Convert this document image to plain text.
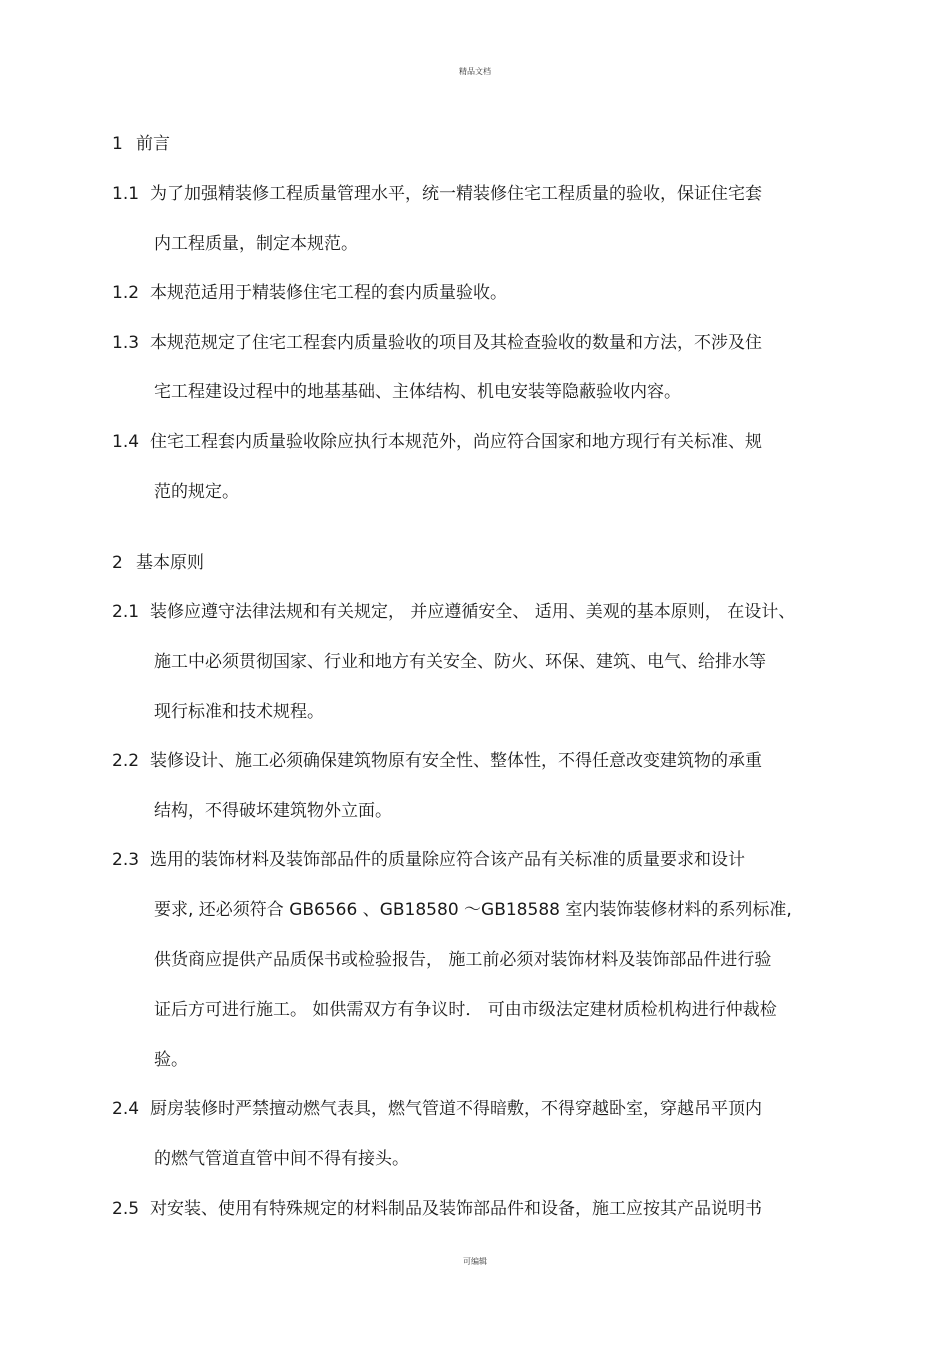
精品文档
1 前言
1.1 为了加强精装修工程质量管理水平，统一精装修住宅工程质量的验收，保证住宅套
内工程质量，制定本规范。
1.2 本规范适用于精装修住宅工程的套内质量验收。
1.3 本规范规定了住宅工程套内质量验收的项目及其检查验收的数量和方法，不涉及住
宅工程建设过程中的地基基础、主体结构、机电安装等隐蔽验收内容。
1.4 住宅工程套内质量验收除应执行本规范外，尚应符合国家和地方现行有关标准、规
范的规定。
2 基本原则
2.1 装修应遵守法律法规和有关规定， 并应遵循安全、 适用、美观的基本原则， 在设计、
施工中必须贯彻国家、行业和地方有关安全、防火、环保、建筑、电气、给排水等
现行标准和技术规程。
2.2 装修设计、施工必须确保建筑物原有安全性、整体性，不得任意改变建筑物的承重
结构，不得破坏建筑物外立面。
2.3 选用的装饰材料及装饰部品件的质量除应符合该产品有关标准的质量要求和设计
要求, 还必须符合 GB6566 、GB18580 ～GB18588 室内装饰装修材料的系列标准,
供货商应提供产品质保书或检验报告， 施工前必须对装饰材料及装饰部品件进行验
证后方可进行施工。 如供需双方有争议时． 可由市级法定建材质检机构进行仲裁检
验。
2.4 厨房装修时严禁擅动燃气表具，燃气管道不得暗敷，不得穿越卧室，穿越吊平顶内
的燃气管道直管中间不得有接头。
2.5 对安装、使用有特殊规定的材料制品及装饰部品件和设备，施工应按其产品说明书
可编辑
